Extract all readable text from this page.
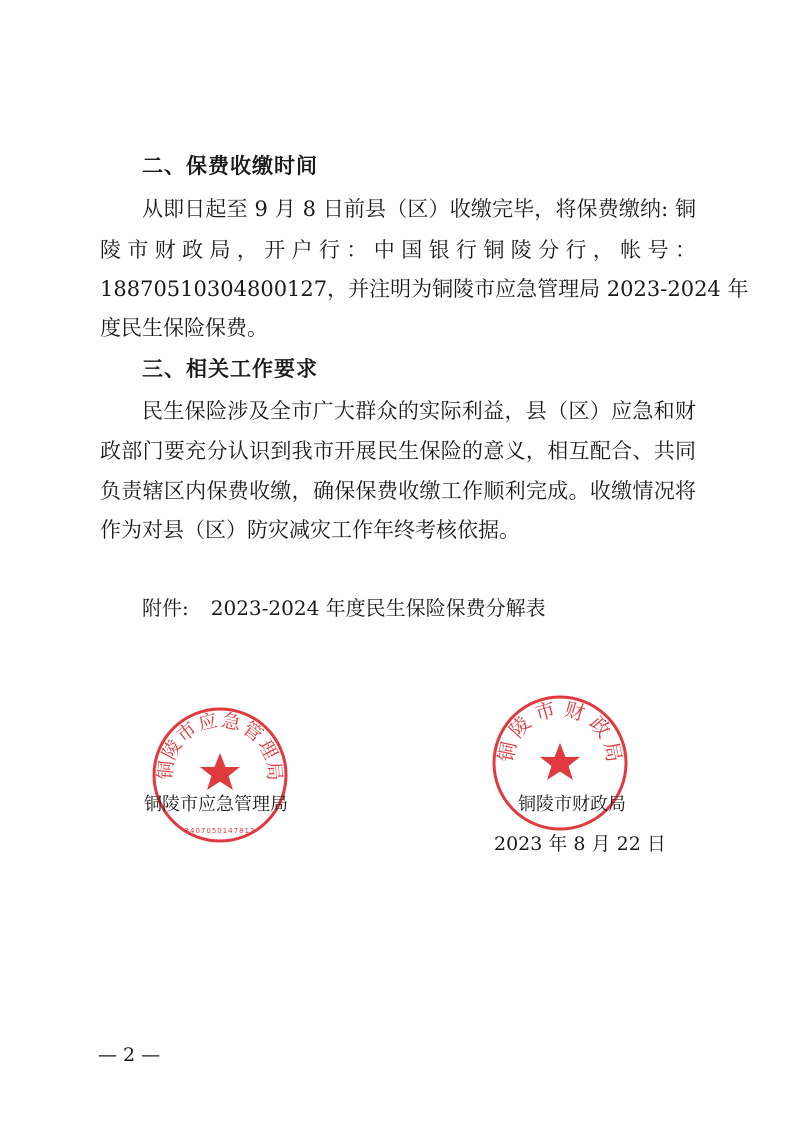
二、保费收缴时间
从即日起至 9 月 8 日前县（区）收缴完毕，将保费缴纳: 铜
陵市财政局，开户行：中国银行铜陵分行，帐号：
18870510304800127，并注明为铜陵市应急管理局 2023-2024 年
度民生保险保费。
三、相关工作要求
民生保险涉及全市广大群众的实际利益，县（区）应急和财
政部门要充分认识到我市开展民生保险的意义，相互配合、共同
负责辖区内保费收缴，确保保费收缴工作顺利完成。收缴情况将
作为对县（区）防灾减灾工作年终考核依据。
附件: 2023-2024 年度民生保险保费分解表
铜
陵
市
应 急
管
理
局
3407050147812
铜
陵
市 财
政
局
铜陵市应急管理局	铜陵市财政局
2023 年 8 月 22 日
— 2 —
